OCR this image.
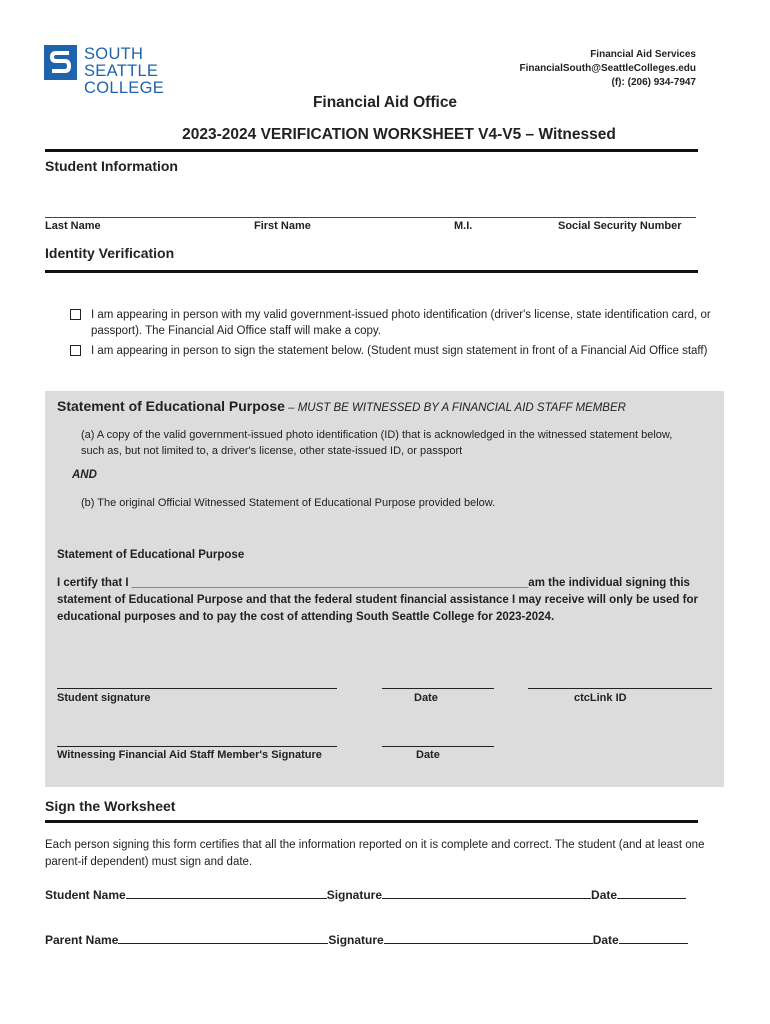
SOUTH SEATTLE
COLLEGE
Financial Aid Services
FinancialSouth@SeattleColleges.edu
(f): (206) 934-7947
Financial Aid Office
2023-2024 VERIFICATION WORKSHEET V4-V5 – Witnessed
Student Information
Last Name	First Name	M.I.	Social Security Number
Identity Verification
I am appearing in person with my valid government-issued photo identification (driver's license, state identification card, or passport). The Financial Aid Office staff will make a copy.
I am appearing in person to sign the statement below. (Student must sign statement in front of a Financial Aid Office staff)
Statement of Educational Purpose – MUST BE WITNESSED BY A FINANCIAL AID STAFF MEMBER
(a) A copy of the valid government-issued photo identification (ID) that is acknowledged in the witnessed statement below, such as, but not limited to, a driver's license, other state-issued ID, or passport
AND
(b) The original Official Witnessed Statement of Educational Purpose provided below.
Statement of Educational Purpose
I certify that I ______________________________________________________________am the individual signing this statement of Educational Purpose and that the federal student financial assistance I may receive will only be used for educational purposes and to pay the cost of attending South Seattle College for 2023-2024.
Student signature	Date	ctcLink ID
Witnessing Financial Aid Staff Member's Signature	Date
Sign the Worksheet
Each person signing this form certifies that all the information reported on it is complete and correct. The student (and at least one parent-if dependent) must sign and date.
Student Name	Signature	Date
Parent Name	Signature	Date
